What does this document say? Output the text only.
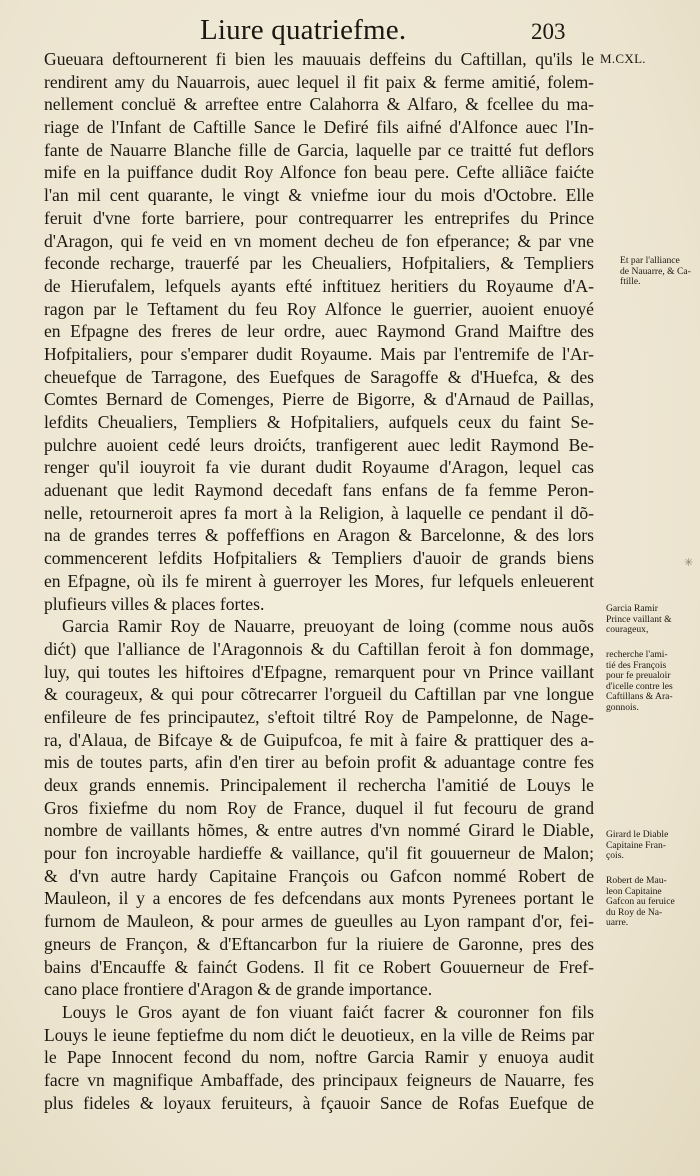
Liure quatriefme.	203
Gueuara deftournerent fi bien les mauuais deffeins du Caftillan, qu'ils le
rendirent amy du Nauarrois, auec lequel il fit paix & ferme amitié, folem-
nellement concluë & arreftee entre Calahorra & Alfaro, & fcellee du ma-
riage de l'Infant de Caftille Sance le Defiré fils aifné d'Alfonce auec l'In-
fante de Nauarre Blanche fille de Garcia, laquelle par ce traitté fut deflors
mife en la puiffance dudit Roy Alfonce fon beau pere. Cefte alliãce faićte
l'an mil cent quarante, le vingt & vniefme iour du mois d'Octobre. Elle
feruit d'vne forte barriere, pour contrequarrer les entreprifes du Prince
d'Aragon, qui fe veid en vn moment decheu de fon efperance; & par vne
feconde recharge, trauerfé par les Cheualiers, Hofpitaliers, & Templiers
de Hierufalem, lefquels ayants efté inftituez heritiers du Royaume d'A-
ragon par le Teftament du feu Roy Alfonce le guerrier, auoient enuoyé
en Efpagne des freres de leur ordre, auec Raymond Grand Maiftre des
Hofpitaliers, pour s'emparer dudit Royaume. Mais par l'entremife de l'Ar-
cheuefque de Tarragone, des Euefques de Saragoffe & d'Huefca, & des
Comtes Bernard de Comenges, Pierre de Bigorre, & d'Arnaud de Paillas,
lefdits Cheualiers, Templiers & Hofpitaliers, aufquels ceux du faint Se-
pulchre auoient cedé leurs droićts, tranfigerent auec ledit Raymond Be-
renger qu'il iouyroit fa vie durant dudit Royaume d'Aragon, lequel cas
aduenant que ledit Raymond decedaft fans enfans de fa femme Peron-
nelle, retourneroit apres fa mort à la Religion, à laquelle ce pendant il dõ-
na de grandes terres & poffeffions en Aragon & Barcelonne, & des lors
commencerent lefdits Hofpitaliers & Templiers d'auoir de grands biens
en Efpagne, où ils fe mirent à guerroyer les Mores, fur lefquels enleuerent
plufieurs villes & places fortes.
Garcia Ramir Roy de Nauarre, preuoyant de loing (comme nous auõs
dićt) que l'alliance de l'Aragonnois & du Caftillan feroit à fon dommage,
luy, qui toutes les hiftoires d'Efpagne, remarquent pour vn Prince vaillant
& courageux, & qui pour cõtrecarrer l'orgueil du Caftillan par vne longue
enfileure de fes principautez, s'eftoit tiltré Roy de Pampelonne, de Nage-
ra, d'Alaua, de Bifcaye & de Guipufcoa, fe mit à faire & prattiquer des a-
mis de toutes parts, afin d'en tirer au befoin profit & aduantage contre fes
deux grands ennemis. Principalement il rechercha l'amitié de Louys le
Gros fixiefme du nom Roy de France, duquel il fut fecouru de grand
nombre de vaillants hõmes, & entre autres d'vn nommé Girard le Diable,
pour fon incroyable hardieffe & vaillance, qu'il fit gouuerneur de Malon;
& d'vn autre hardy Capitaine François ou Gafcon nommé Robert de
Mauleon, il y a encores de fes defcendans aux monts Pyrenees portant le
furnom de Mauleon, & pour armes de gueulles au Lyon rampant d'or, fei-
gneurs de Françon, & d'Eftancarbon fur la riuiere de Garonne, pres des
bains d'Encauffe & fainćt Godens. Il fit ce Robert Gouuerneur de Fref-
cano place frontiere d'Aragon & de grande importance.
Louys le Gros ayant de fon viuant faićt facrer & couronner fon fils
Louys le ieune feptiefme du nom dićt le deuotieux, en la ville de Reims par
le Pape Innocent fecond du nom, noftre Garcia Ramir y enuoya audit
facre vn magnifique Ambaffade, des principaux feigneurs de Nauarre, fes
plus fideles & loyaux feruiteurs, à fçauoir Sance de Rofas Euefque de
M.CXL.
Et par l'alliance
de Nauarre, & Ca-
ftille.
Garcia Ramir
Prince vaillant &
courageux,
recherche l'ami-
tié des François
pour fe preualoir
d'icelle contre les
Caftillans & Ara-
gonnois.
Girard le Diable
Capitaine Fran-
çois.
Robert de Mau-
leon Capitaine
Gafcon au feruice
du Roy de Na-
uarre.
✳
